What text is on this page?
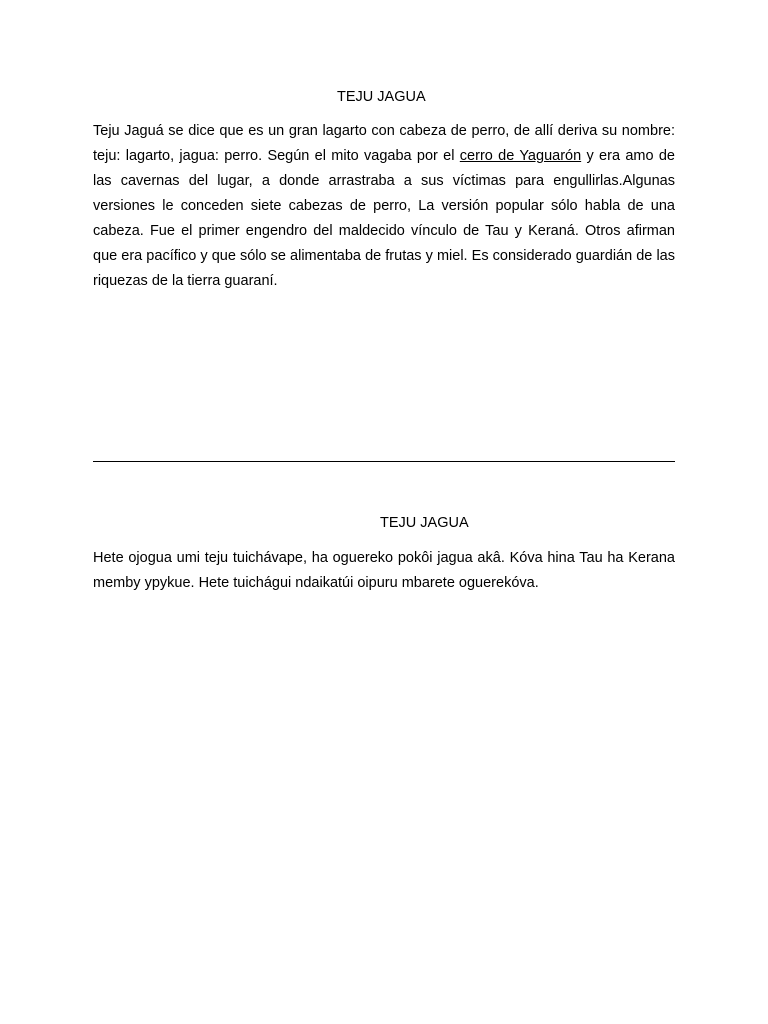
TEJU JAGUA

Teju Jaguá se dice que es un gran lagarto con cabeza de perro, de allí deriva su nombre: teju: lagarto, jagua: perro. Según el mito vagaba por el cerro de Yaguarón y era amo de las cavernas del lugar, a donde arrastraba a sus víctimas para engullirlas.Algunas versiones le conceden siete cabezas de perro, La versión popular sólo habla de una cabeza. Fue el primer engendro del maldecido vínculo de Tau y Keraná. Otros afirman que era pacífico y que sólo se alimentaba de frutas y miel. Es considerado guardián de las riquezas de la tierra guaraní.

TEJU JAGUA

Hete ojogua umi teju tuichávape, ha oguereko pokôi jagua akâ. Kóva hina Tau ha Kerana memby ypykue. Hete tuichágui ndaikatúi oipuru mbarete oguerekóva.
